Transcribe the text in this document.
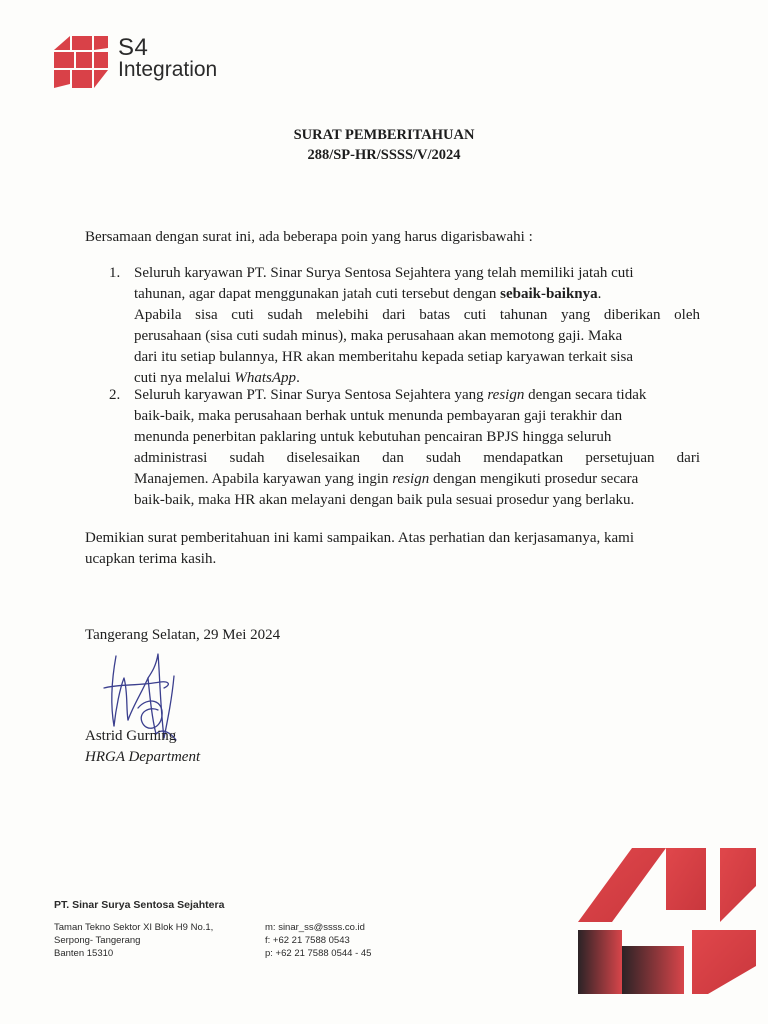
S4
Integration
SURAT PEMBERITAHUAN
288/SP-HR/SSSS/V/2024
Bersamaan dengan surat ini, ada beberapa poin yang harus digarisbawahi :
1. Seluruh karyawan PT. Sinar Surya Sentosa Sejahtera yang telah memiliki jatah cuti
tahunan, agar dapat menggunakan jatah cuti tersebut dengan sebaik-baiknya.
Apabila sisa cuti sudah melebihi dari batas cuti tahunan yang diberikan oleh
perusahaan (sisa cuti sudah minus), maka perusahaan akan memotong gaji. Maka
dari itu setiap bulannya, HR akan memberitahu kepada setiap karyawan terkait sisa
cuti nya melalui WhatsApp.
2. Seluruh karyawan PT. Sinar Surya Sentosa Sejahtera yang resign dengan secara tidak
baik-baik, maka perusahaan berhak untuk menunda pembayaran gaji terakhir dan
menunda penerbitan paklaring untuk kebutuhan pencairan BPJS hingga seluruh
administrasi sudah diselesaikan dan sudah mendapatkan persetujuan dari
Manajemen. Apabila karyawan yang ingin resign dengan mengikuti prosedur secara
baik-baik, maka HR akan melayani dengan baik pula sesuai prosedur yang berlaku.
Demikian surat pemberitahuan ini kami sampaikan. Atas perhatian dan kerjasamanya, kami
ucapkan terima kasih.
Tangerang Selatan, 29 Mei 2024
Astrid Gurning
HRGA Department
PT. Sinar Surya Sentosa Sejahtera
Taman Tekno Sektor XI Blok H9 No.1,
Serpong- Tangerang
Banten 15310
m: sinar_ss@ssss.co.id
f: +62 21 7588 0543
p: +62 21 7588 0544 - 45
